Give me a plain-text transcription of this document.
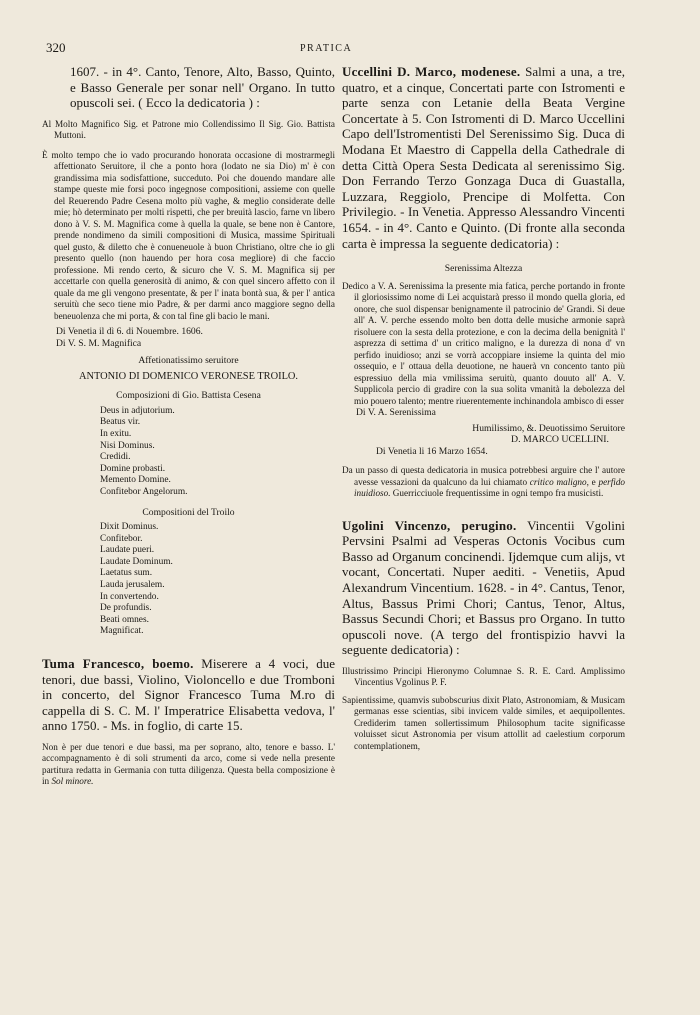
320	PRATICA

1607. - in 4°. Canto, Tenore, Alto, Basso, Quinto, e Basso Generale per sonar nell' Organo. In tutto opuscoli sei. ( Ecco la dedicatoria ) :

Al Molto Magnifico Sig. et Patrone mio Collendissimo Il Sig. Gio. Battista Muttoni.

È molto tempo che io vado procurando honorata occasione di mostrarmegli affettionato Seruitore, il che a ponto hora (lodato ne sia Dio) m' è con grandissima mia sodisfattione, succeduto. Poi che douendo mandare alle stampe queste mie forsi poco ingegnose compositioni, assieme con quelle del Reuerendo Padre Cesena molto più vaghe, & meglio considerate delle mie; hò determinato per molti rispetti, che per breuità lascio, farne vn libero dono à V. S. M. Magnifica come à quella la quale, se bene non è Cantore, prende nondimeno da simili compositioni di Musica, massime Spirituali quel gusto, & diletto che è conueneuole à buon Christiano, oltre che io gli presento quello (non hauendo per hora cosa megliore) di che faccio professione. Mi rendo certo, & sicuro che V. S. M. Magnifica sij per accettarle con quella generosità di animo, & con quel sincero affetto con il quale da me gli vengono presentate, & per l' inata bontà sua, & per l' antica seruitù che seco tiene mio Padre, & per darmi anco maggiore segno della beneuolenza che mi porta, & con tal fine gli bacio le mani.

Di Venetia il dì 6. di Nouembre. 1606.

Di V. S. M. Magnifica

Affetionatissimo seruitore

ANTONIO DI DOMENICO VERONESE TROILO.

Composizioni di Gio. Battista Cesena

Deus in adjutorium.
Beatus vir.
In exitu.
Nisi Dominus.
Credidi.
Domine probasti.
Memento Domine.
Confitebor Angelorum.

Compositioni del Troilo

Dixit Dominus.
Confitebor.
Laudate pueri.
Laudate Dominum.
Laetatus sum.
Lauda jerusalem.
In convertendo.
De profundis.
Beati omnes.
Magnificat.

Tuma Francesco, boemo. Miserere a 4 voci, due tenori, due bassi, Violino, Violoncello e due Tromboni in concerto, del Signor Francesco Tuma M.ro di cappella di S. C. M. l' Imperatrice Elisabetta vedova, l' anno 1750. - Ms. in foglio, di carte 15.

Non è per due tenori e due bassi, ma per soprano, alto, tenore e basso. L' accompagnamento è di soli strumenti da arco, come si vede nella presente partitura redatta in Germania con tutta diligenza. Questa bella composizione è in Sol minore.

Uccellini D. Marco, modenese. Salmi a una, a tre, quatro, et a cinque, Concertati parte con Istromenti e parte senza con Letanie della Beata Vergine Concertate à 5. Con Istromenti di D. Marco Uccellini Capo dell'Istromentisti Del Serenissimo Sig. Duca di Modana Et Maestro di Cappella della Cathedrale di detta Città Opera Sesta Dedicata al serenissimo Sig. Don Ferrando Terzo Gonzaga Duca di Guastalla, Luzzara, Reggiolo, Prencipe di Molfetta. Con Privilegio. - In Venetia. Appresso Alessandro Vincenti 1654. - in 4°. Canto e Quinto. (Di fronte alla seconda carta è impressa la seguente dedicatoria) :

Serenissima Altezza

Dedico a V. A. Serenissima la presente mia fatica, perche portando in fronte il gloriosissimo nome di Lei acquistarà presso il mondo quella gloria, ed onore, che suol dispensar benignamente il patrocinio de' Grandi. Si deue all' A. V. perche essendo molto ben dotta delle musiche armonie saprà risoluere con la sesta della protezione, e con la decima della benignità l' asprezza di settima d' un critico maligno, e la durezza di nona d' vn perfido inuidioso; anzi se vorrà accoppiare insieme la quinta del mio ossequio, e l' ottaua della deuotione, ne hauerà vn concento tanto più espressiuo della mia vmilissima seruitù, quanto douuto all' A. V. Supplicola percio di gradire con la sua solita vmanità la debolezza del mio pouero talento; mentre riuerentemente inchinandola ambisco di esser

Di V. A. Serenissima

Humilissimo, &. Deuotissimo Seruitore

D. MARCO UCELLINI.

Di Venetia li 16 Marzo 1654.

Da un passo di questa dedicatoria in musica potrebbesi arguire che l' autore avesse vessazioni da qualcuno da lui chiamato critico maligno, e perfido inuidioso. Guerricciuole frequentissime in ogni tempo fra musicisti.

Ugolini Vincenzo, perugino. Vincentii Vgolini Pervsini Psalmi ad Vesperas Octonis Vocibus cum Basso ad Organum concinendi. Ijdemque cum alijs, vt vocant, Concertati. Nuper aediti. - Venetiis, Apud Alexandrum Vincentium. 1628. - in 4°. Cantus, Tenor, Altus, Bassus Primi Chori; Cantus, Tenor, Altus, Bassus Secundi Chori; et Bassus pro Organo. In tutto opuscoli nove. (A tergo del frontispizio havvi la seguente dedicatoria) :

Illustrissimo Principi Hieronymo Columnae S. R. E. Card. Amplissimo Vincentius Vgolinus P. F.

Sapientissime, quamvis subobscurius dixit Plato, Astronomiam, & Musicam germanas esse scientias, sibi invicem valde similes, et aequipollentes. Crediderim tamen sollertissimum Philosophum tacite significasse voluisset sicut Astronomia per visum attollit ad caelestium corporum contemplationem,
